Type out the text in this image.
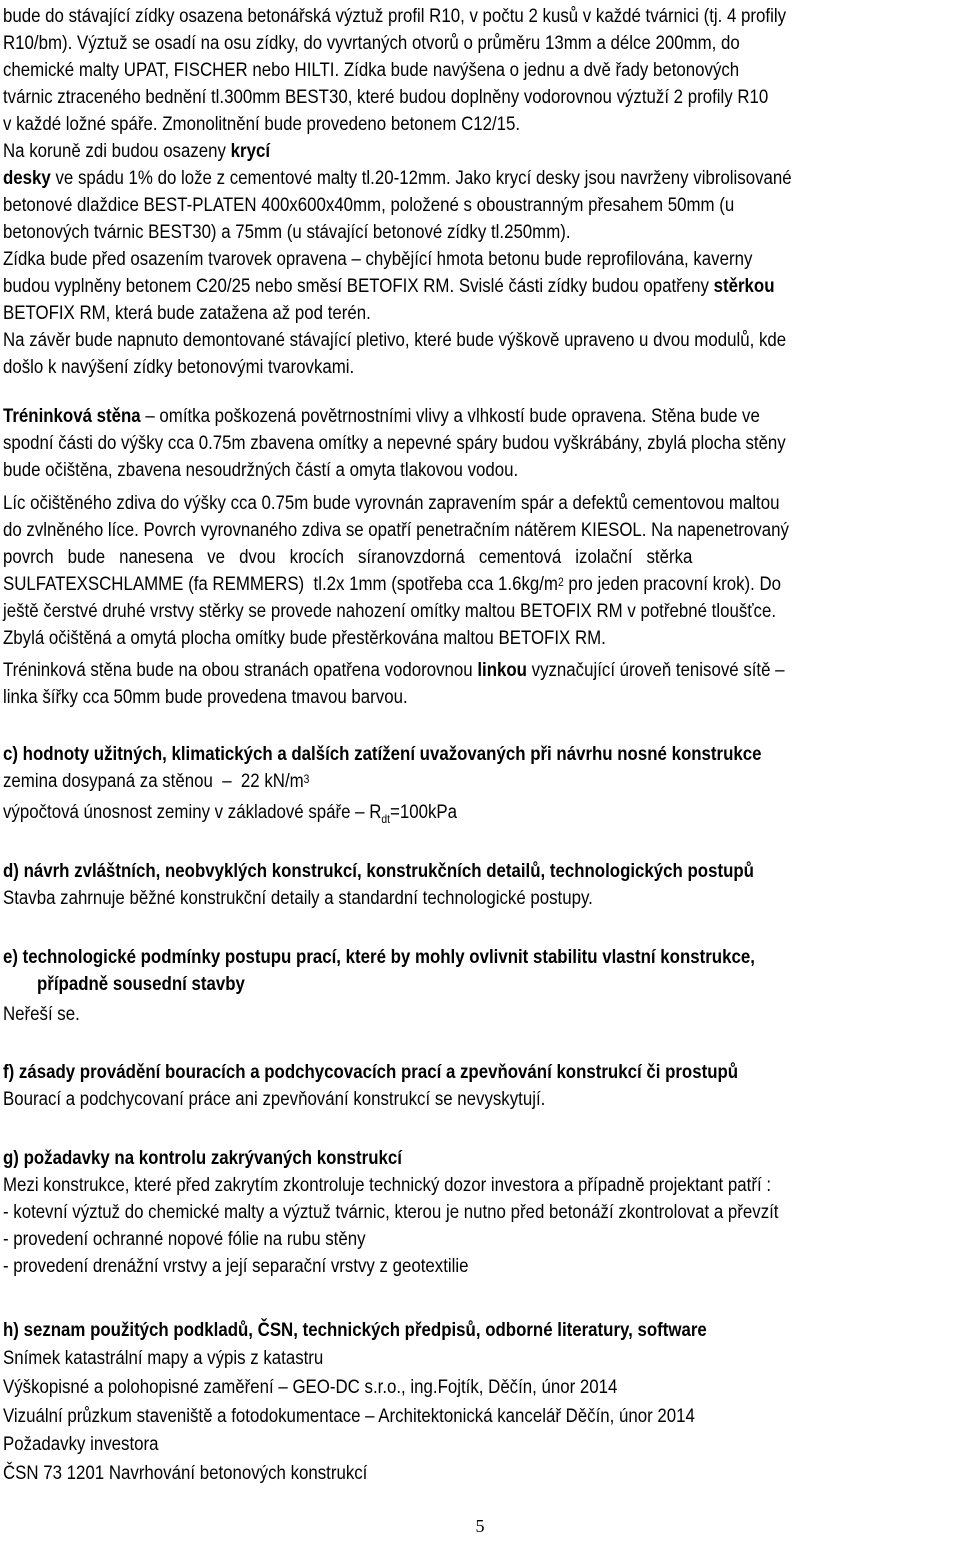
bude do stávající zídky osazena betonářská výztuž profil R10, v počtu 2 kusů v každé tvárnici (tj. 4 profily
R10/bm). Výztuž se osadí na osu zídky, do vyvrtaných otvorů o průměru 13mm a délce 200mm, do
chemické malty UPAT, FISCHER nebo HILTI. Zídka bude navýšena o jednu a dvě řady betonových
tvárnic ztraceného bednění tl.300mm BEST30, které budou doplněny vodorovnou výztuží 2 profily R10
v každé ložné spáře. Zmonolitnění bude provedeno betonem C12/15.
Na koruně zdi budou osazeny krycí
desky ve spádu 1% do lože z cementové malty tl.20-12mm. Jako krycí desky jsou navrženy vibrolisované
betonové dlaždice BEST-PLATEN 400x600x40mm, položené s oboustranným přesahem 50mm (u
betonových tvárnic BEST30) a 75mm (u stávající betonové zídky tl.250mm).
Zídka bude před osazením tvarovek opravena – chybějící hmota betonu bude reprofilována, kaverny
budou vyplněny betonem C20/25 nebo směsí BETOFIX RM. Svislé části zídky budou opatřeny stěrkou
BETOFIX RM, která bude zatažena až pod terén.
Na závěr bude napnuto demontované stávající pletivo, které bude výškově upraveno u dvou modulů, kde
došlo k navýšení zídky betonovými tvarovkami.
Tréninková stěna – omítka poškozená povětrnostními vlivy a vlhkostí bude opravena. Stěna bude ve
spodní části do výšky cca 0.75m zbavena omítky a nepevné spáry budou vyškrábány, zbylá plocha stěny
bude očištěna, zbavena nesoudržných částí a omyta tlakovou vodou.
Líc očištěného zdiva do výšky cca 0.75m bude vyrovnán zapravením spár a defektů cementovou maltou
do zvlněného líce. Povrch vyrovnaného zdiva se opatří penetračním nátěrem KIESOL. Na napenetrovaný
povrch   bude   nanesena   ve   dvou   krocích   síranovzdorná   cementová   izolační   stěrka
SULFATEXSCHLAMME (fa REMMERS)  tl.2x 1mm (spotřeba cca $1.6kg/m^2$ pro jeden pracovní krok). Do
ještě čerstvé druhé vrstvy stěrky se provede nahození omítky maltou BETOFIX RM v potřebné tloušťce.
Zbylá očištěná a omytá plocha omítky bude přestěrkována maltou BETOFIX RM.
Tréninková stěna bude na obou stranách opatřena vodorovnou linkou vyznačující úroveň tenisové sítě –
linka šířky cca 50mm bude provedena tmavou barvou.
c) hodnoty užitných, klimatických a dalších zatížení uvažovaných při návrhu nosné konstrukce
zemina dosypaná za stěnou  –  22 $kN/m^3$
výpočtová únosnost zeminy v základové spáře – $R_{dt}=100kPa$
d) návrh zvláštních, neobvyklých konstrukcí, konstrukčních detailů, technologických postupů
Stavba zahrnuje běžné konstrukční detaily a standardní technologické postupy.
e) technologické podmínky postupu prací, které by mohly ovlivnit stabilitu vlastní konstrukce,
případně sousední stavby
Neřeší se.
f) zásady provádění bouracích a podchycovacích prací a zpevňování konstrukcí či prostupů
Bourací a podchycovaní práce ani zpevňování konstrukcí se nevyskytují.
g) požadavky na kontrolu zakrývaných konstrukcí
Mezi konstrukce, které před zakrytím zkontroluje technický dozor investora a případně projektant patří :
- kotevní výztuž do chemické malty a výztuž tvárnic, kterou je nutno před betonáží zkontrolovat a převzít
- provedení ochranné nopové fólie na rubu stěny
- provedení drenážní vrstvy a její separační vrstvy z geotextilie
h) seznam použitých podkladů, ČSN, technických předpisů, odborné literatury, software
Snímek katastrální mapy a výpis z katastru
Výškopisné a polohopisné zaměření – GEO-DC s.r.o., ing.Fojtík, Děčín, únor 2014
Vizuální průzkum staveniště a fotodokumentace – Architektonická kancelář Děčín, únor 2014
Požadavky investora
ČSN 73 1201 Navrhování betonových konstrukcí
5
